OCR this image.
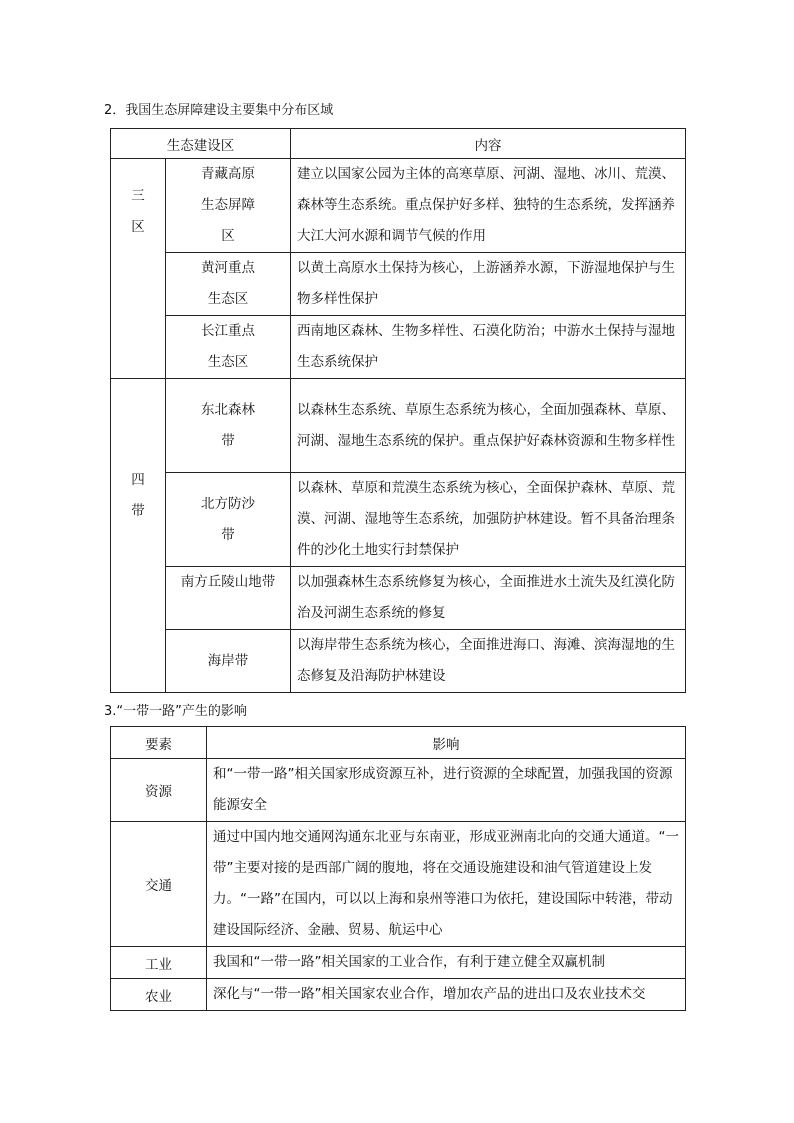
2．我国生态屏障建设主要集中分布区域
生态建设区		内容

三区	青藏高原生态屏障区	建立以国家公园为主体的高寒草原、河湖、湿地、冰川、荒漠、森林等生态系统。重点保护好多样、独特的生态系统，发挥涵养大江大河水源和调节气候的作用
	黄河重点生态区	以黄土高原水土保持为核心，上游涵养水源，下游湿地保护与生物多样性保护
	长江重点生态区	西南地区森林、生物多样性、石漠化防治；中游水土保持与湿地生态系统保护

四带	东北森林带	以森林生态系统、草原生态系统为核心，全面加强森林、草原、河湖、湿地生态系统的保护。重点保护好森林资源和生物多样性
	北方防沙带	以森林、草原和荒漠生态系统为核心，全面保护森林、草原、荒漠、河湖、湿地等生态系统，加强防护林建设。暂不具备治理条件的沙化土地实行封禁保护
	南方丘陵山地带	以加强森林生态系统修复为核心，全面推进水土流失及红漠化防治及河湖生态系统的修复
	海岸带	以海岸带生态系统为核心，全面推进海口、海滩、滨海湿地的生态修复及沿海防护林建设
3.“一带一路”产生的影响
要素	影响
资源	和“一带一路”相关国家形成资源互补，进行资源的全球配置，加强我国的资源能源安全
交通	通过中国内地交通网沟通东北亚与东南亚，形成亚洲南北向的交通大通道。“一带”主要对接的是西部广阔的腹地，将在交通设施建设和油气管道建设上发力。“一路”在国内，可以以上海和泉州等港口为依托，建设国际中转港，带动建设国际经济、金融、贸易、航运中心
工业	我国和“一带一路”相关国家的工业合作，有利于建立健全双赢机制
农业	深化与“一带一路”相关国家农业合作，增加农产品的进出口及农业技术交
